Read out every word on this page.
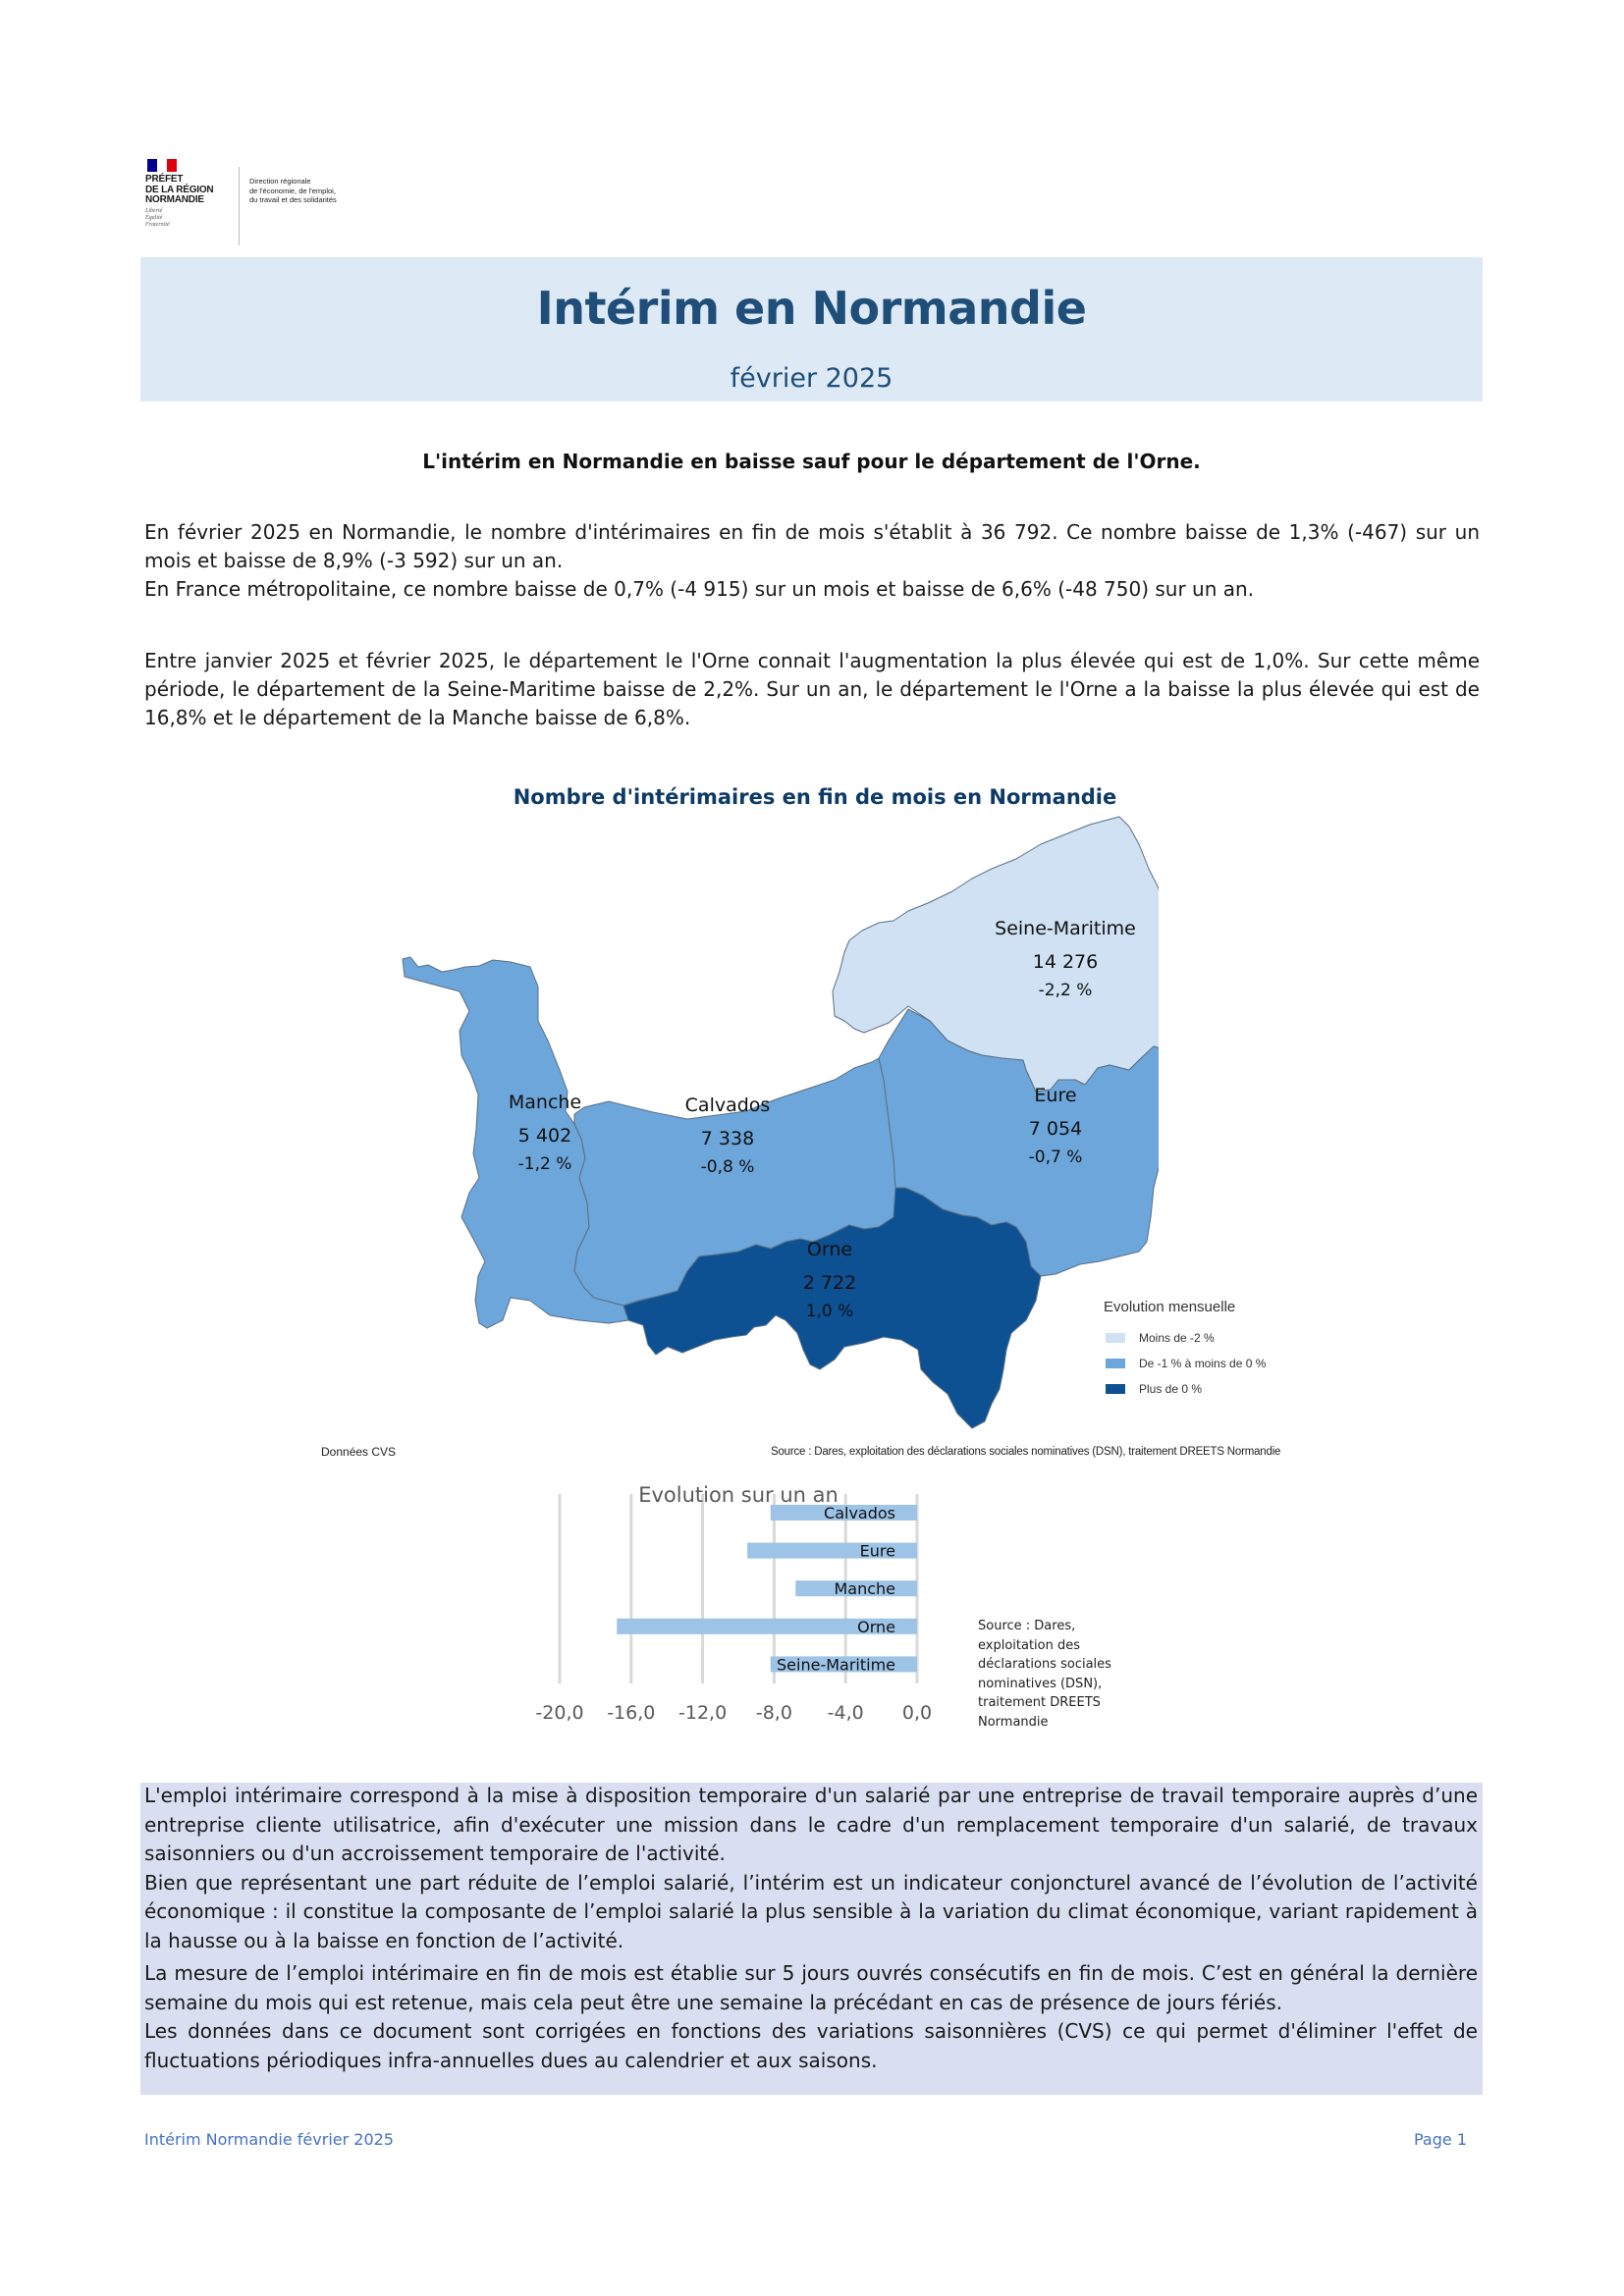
PRÉFET
DE LA RÉGION
NORMANDIE
Liberté
Égalité
Fraternité
Direction régionale
de l'économie, de l'emploi,
du travail et des solidarités
Intérim en Normandie
février 2025
L'intérim en Normandie en baisse sauf pour le département de l'Orne.

En février 2025 en Normandie, le nombre d'intérimaires en fin de mois s'établit à 36 792. Ce nombre baisse de 1,3% (-467) sur un mois et baisse de 8,9% (-3 592) sur un an.

En France métropolitaine, ce nombre baisse de 0,7% (-4 915) sur un mois et baisse de 6,6% (-48 750) sur un an.

Entre janvier 2025 et février 2025, le département le l'Orne connait l'augmentation la plus élevée qui est de 1,0%. Sur cette même période, le département de la Seine-Maritime baisse de 2,2%. Sur un an, le département le l'Orne a la baisse la plus élevée qui est de 16,8% et le département de la Manche baisse de 6,8%.

Nombre d'intérimaires en fin de mois en Normandie
Manche
5 402
-1,2 %
Calvados
7 338
-0,8 %
Seine-Maritime
14 276
-2,2 %
Eure
7 054
-0,7 %
Orne
2 722
1,0 %	Evolution mensuelle
Moins de -2 %
De -1 % à moins de 0 %
Plus de 0 %
Données CVS	Source : Dares, exploitation des déclarations sociales nominatives (DSN), traitement DREETS Normandie
-20,0 -16,0 -12,0 -8,0 -4,0 0,0
Evolution sur un an
Calvados
Eure
Manche
Orne
Seine-Maritime
Source : Dares, exploitation des déclarations sociales nominatives (DSN), traitement DREETS Normandie

L'emploi intérimaire correspond à la mise à disposition temporaire d'un salarié par une entreprise de travail temporaire auprès d’une entreprise cliente utilisatrice, afin d'exécuter une mission dans le cadre d'un remplacement temporaire d'un salarié, de travaux saisonniers ou d'un accroissement temporaire de l'activité.

Bien que représentant une part réduite de l’emploi salarié, l’intérim est un indicateur conjoncturel avancé de l’évolution de l’activité économique : il constitue la composante de l’emploi salarié la plus sensible à la variation du climat économique, variant rapidement à la hausse ou à la baisse en fonction de l’activité.

La mesure de l’emploi intérimaire en fin de mois est établie sur 5 jours ouvrés consécutifs en fin de mois. C’est en général la dernière semaine du mois qui est retenue, mais cela peut être une semaine la précédant en cas de présence de jours fériés.

Les données dans ce document sont corrigées en fonctions des variations saisonnières (CVS) ce qui permet d'éliminer l'effet de fluctuations périodiques infra-annuelles dues au calendrier et aux saisons.

Intérim Normandie février 2025	Page 1
